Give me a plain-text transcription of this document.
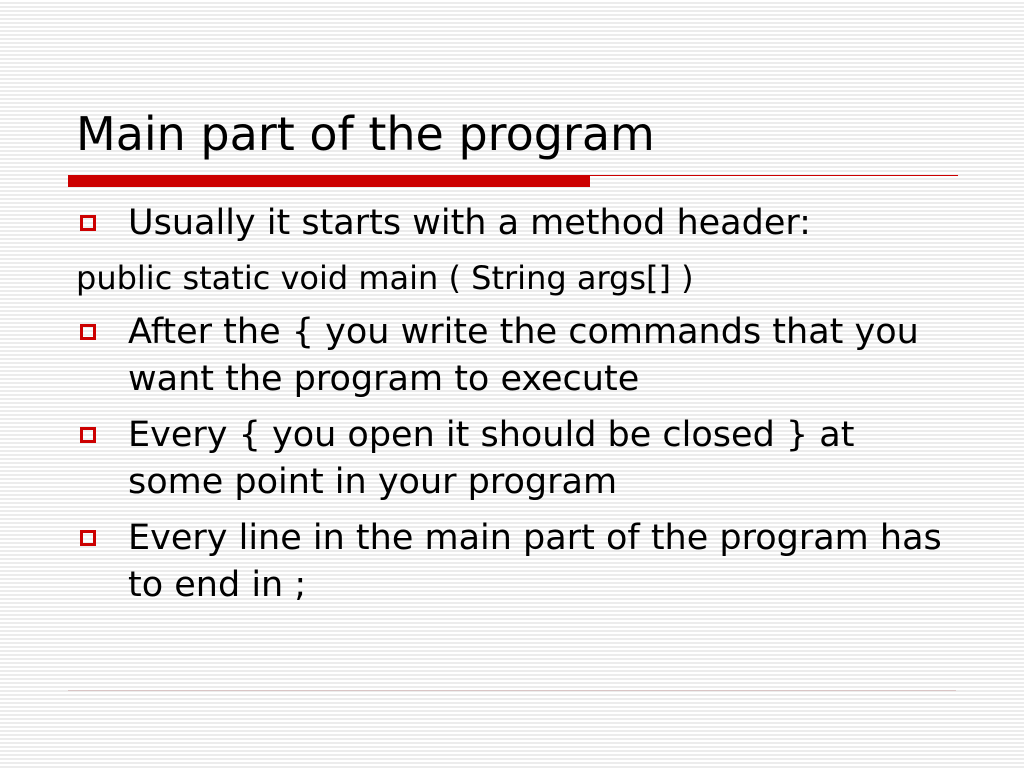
Main part of the program

Usually it starts with a method header:

public static void main ( String args[] )

After the { you write the commands that you want the program to execute

Every { you open it should be closed } at some point in your program

Every line in the main part of the program has to end in ;
